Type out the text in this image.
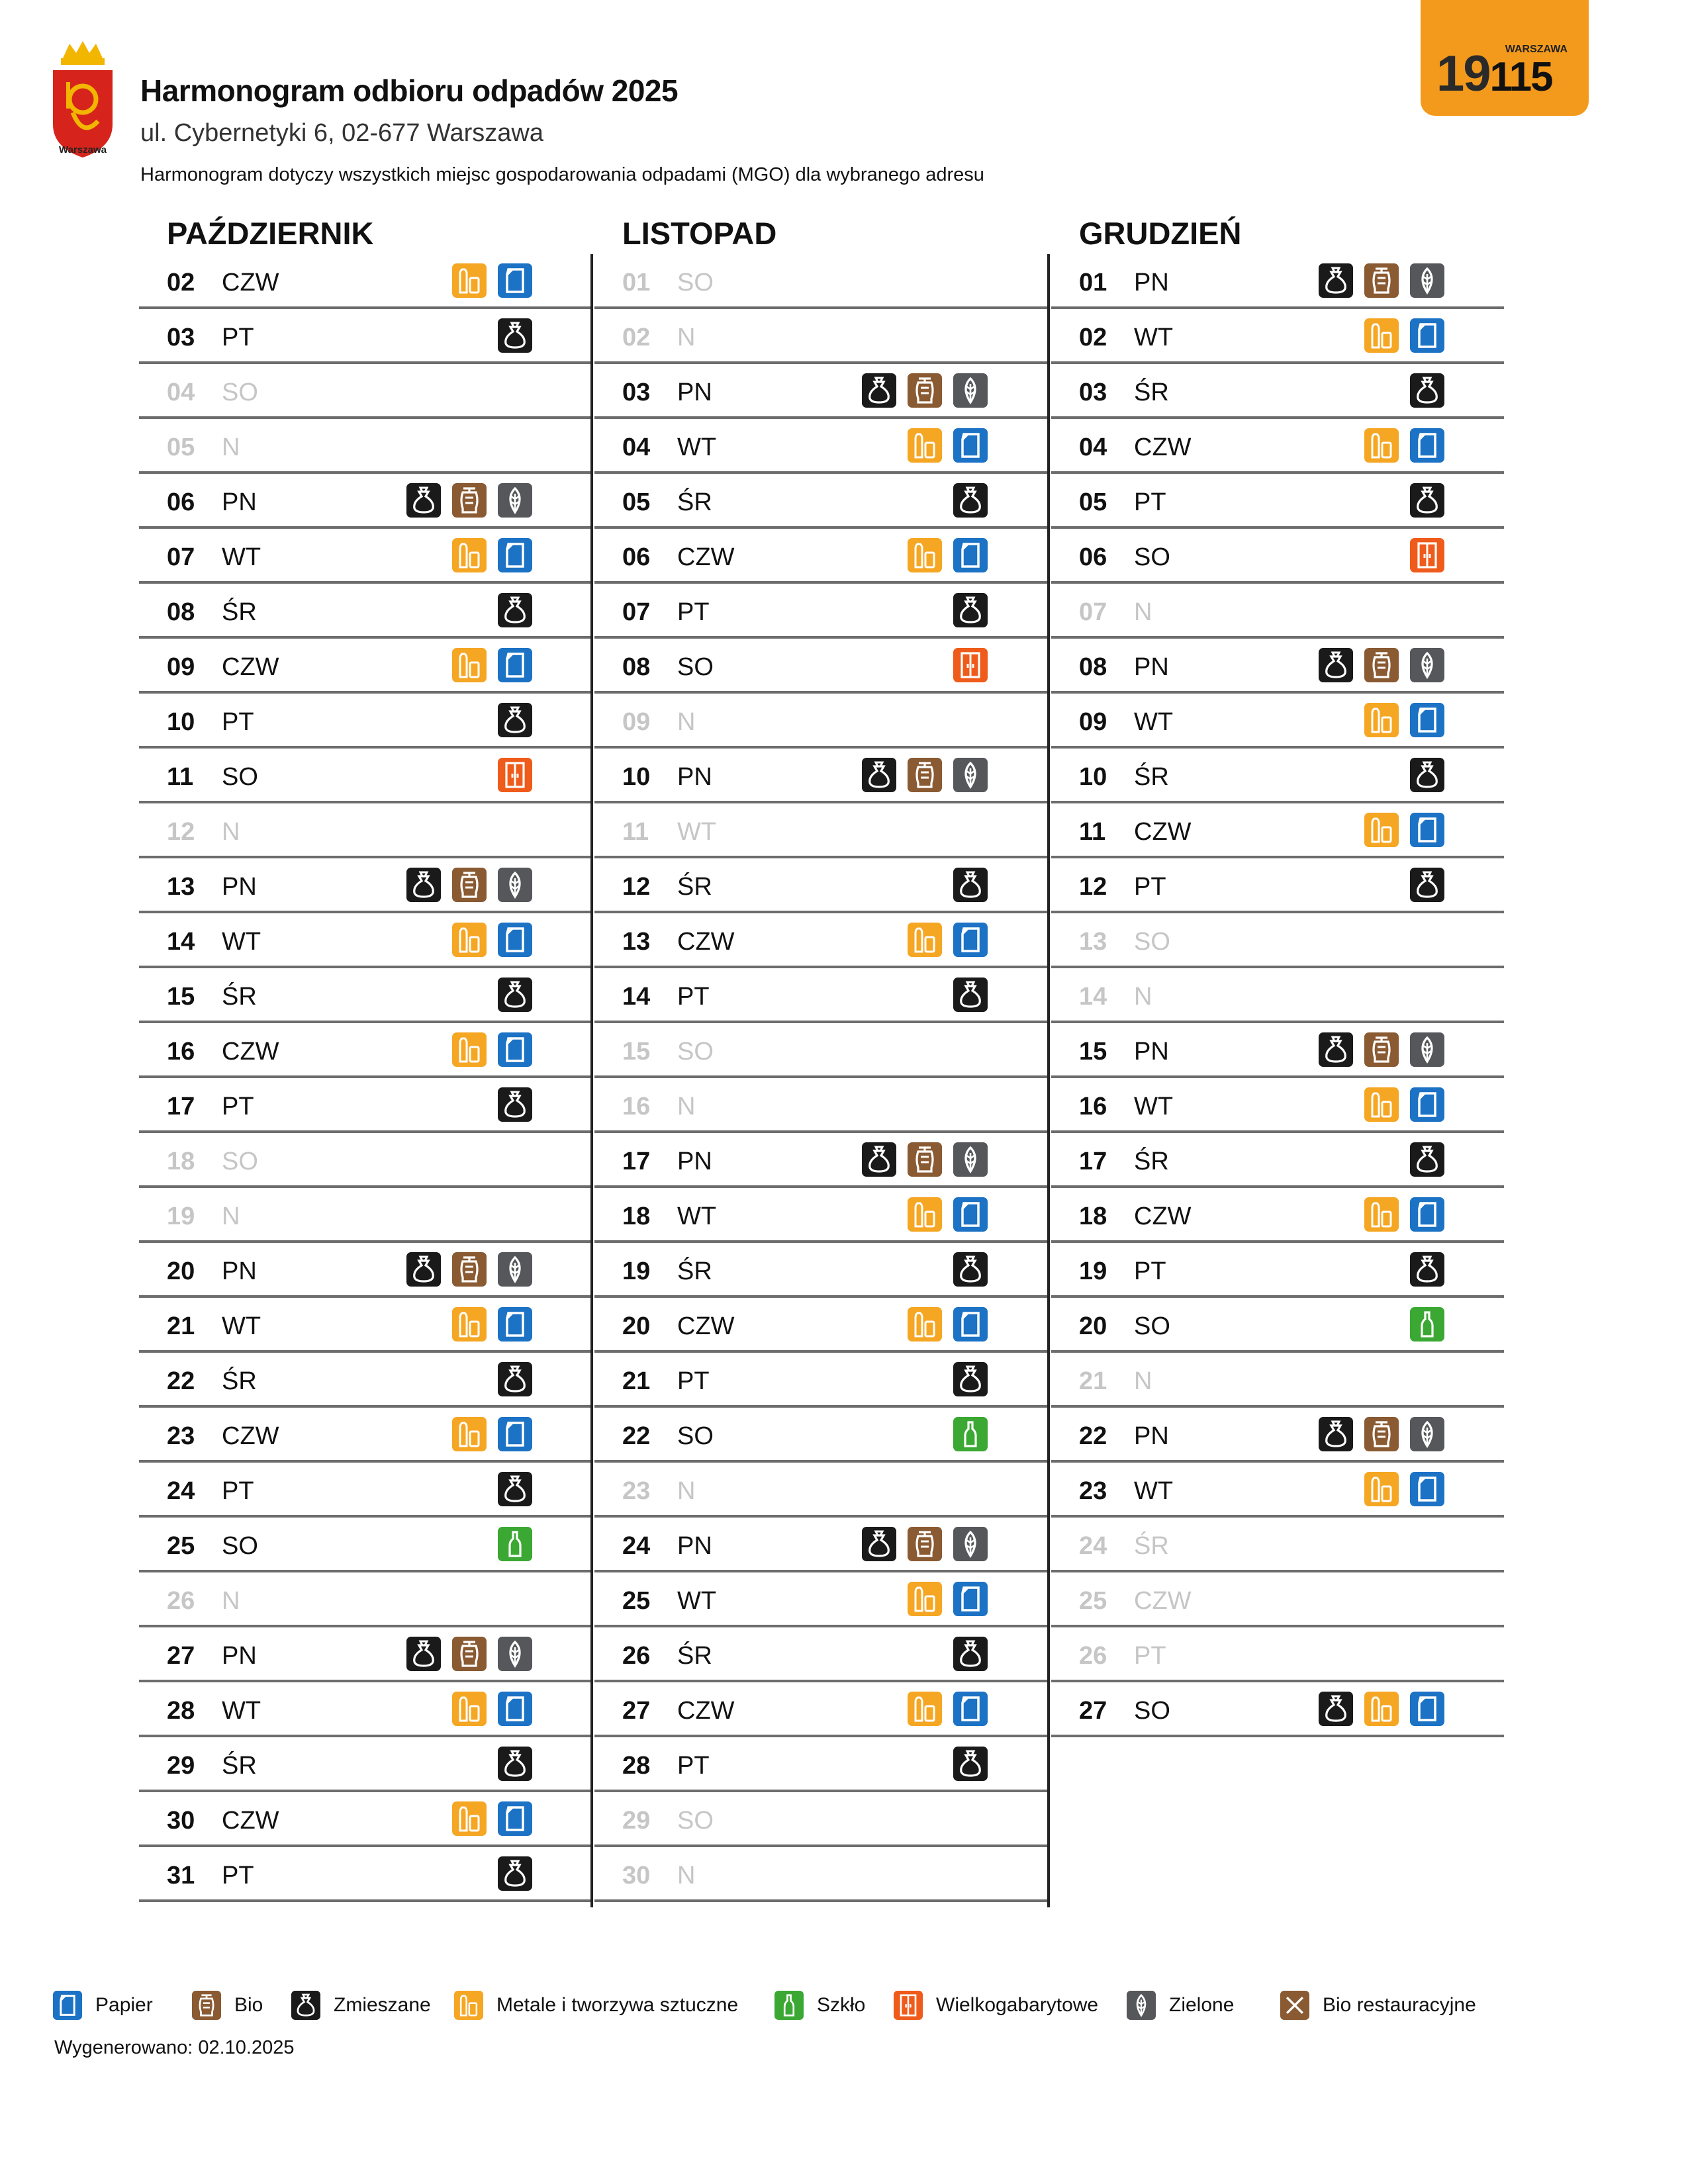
Warszawa
Harmonogram odbioru odpadów 2025
ul. Cybernetyki 6, 02-677 Warszawa
Harmonogram dotyczy wszystkich miejsc gospodarowania odpadami (MGO) dla wybranego adresu
WARSZAWA
19115
PAŹDZIERNIK
02 CZW
03 PT
04 SO
05 N
06 PN
07 WT
08 ŚR
09 CZW
10 PT
11 SO
12 N
13 PN
14 WT
15 ŚR
16 CZW
17 PT
18 SO
19 N
20 PN
21 WT
22 ŚR
23 CZW
24 PT
25 SO
26 N
27 PN
28 WT
29 ŚR
30 CZW
31 PT
LISTOPAD
01 SO
02 N
03 PN
04 WT
05 ŚR
06 CZW
07 PT
08 SO
09 N
10 PN
11 WT
12 ŚR
13 CZW
14 PT
15 SO
16 N
17 PN
18 WT
19 ŚR
20 CZW
21 PT
22 SO
23 N
24 PN
25 WT
26 ŚR
27 CZW
28 PT
29 SO
30 N
GRUDZIEŃ
01 PN
02 WT
03 ŚR
04 CZW
05 PT
06 SO
07 N
08 PN
09 WT
10 ŚR
11 CZW
12 PT
13 SO
14 N
15 PN
16 WT
17 ŚR
18 CZW
19 PT
20 SO
21 N
22 PN
23 WT
24 ŚR
25 CZW
26 PT
27 SO
Papier	Bio	Zmieszane	Metale i tworzywa sztuczne	Szkło	Wielkogabarytowe	Zielone	Bio restauracyjne
Wygenerowano: 02.10.2025
